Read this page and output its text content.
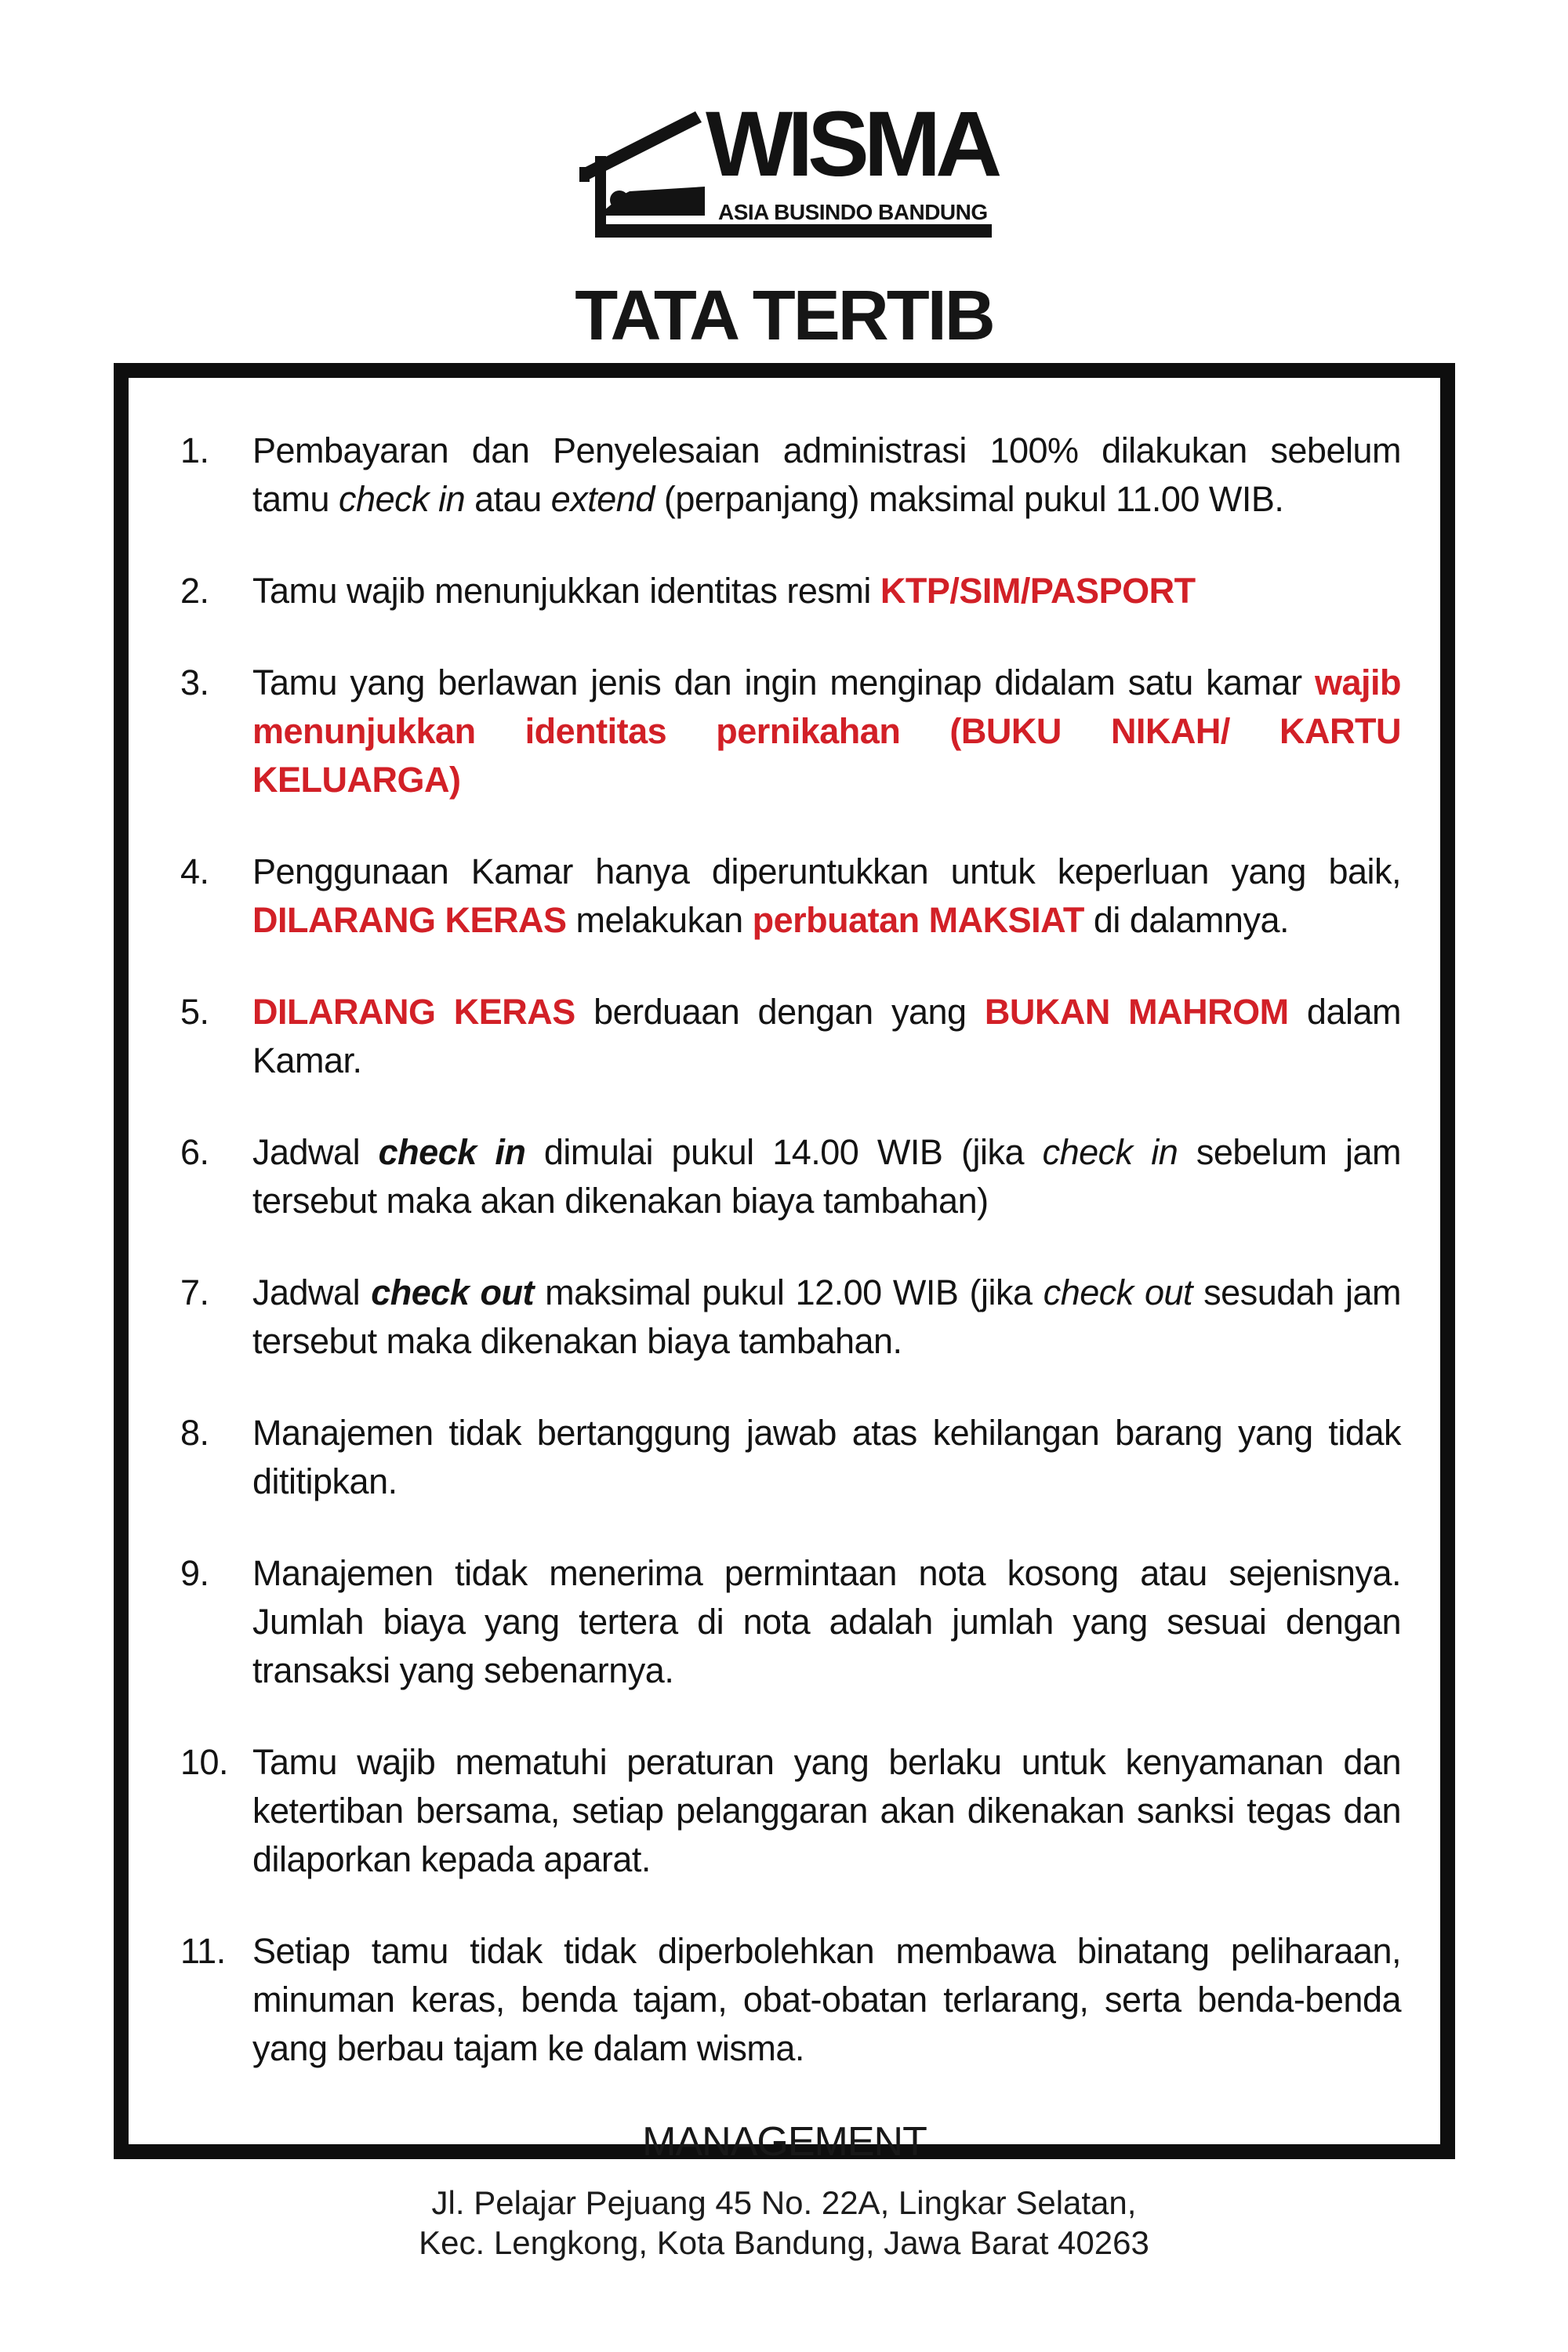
WISMA
ASIA BUSINDO BANDUNG
TATA TERTIB
1.	Pembayaran dan Penyelesaian administrasi 100% dilakukan sebelum tamu check in atau extend (perpanjang) maksimal pukul 11.00 WIB.
2.	Tamu wajib menunjukkan identitas resmi KTP/SIM/PASPORT
3.	Tamu yang berlawan jenis dan ingin menginap didalam satu kamar wajib menunjukkan identitas pernikahan (BUKU NIKAH/ KARTU KELUARGA)
4.	Penggunaan Kamar hanya diperuntukkan untuk keperluan yang baik, DILARANG KERAS melakukan perbuatan MAKSIAT di dalamnya.
5.	DILARANG KERAS berduaan dengan yang BUKAN MAHROM dalam Kamar.
6.	Jadwal check in dimulai pukul 14.00 WIB (jika check in sebelum jam tersebut maka akan dikenakan biaya tambahan)
7.	Jadwal check out maksimal pukul 12.00 WIB (jika check out sesudah jam tersebut maka dikenakan biaya tambahan.
8.	Manajemen tidak bertanggung jawab atas kehilangan barang yang tidak dititipkan.
9.	Manajemen tidak menerima permintaan nota kosong atau sejenisnya. Jumlah biaya yang tertera di nota adalah jumlah yang sesuai dengan transaksi yang sebenarnya.
10. Tamu wajib mematuhi peraturan yang berlaku untuk kenyamanan dan ketertiban bersama, setiap pelanggaran akan dikenakan sanksi tegas dan dilaporkan kepada aparat.
11. Setiap tamu tidak tidak diperbolehkan membawa binatang peliharaan, minuman keras, benda tajam, obat-obatan terlarang, serta benda-benda yang berbau tajam ke dalam wisma.
MANAGEMENT
Jl. Pelajar Pejuang 45 No. 22A, Lingkar Selatan,
Kec. Lengkong, Kota Bandung, Jawa Barat 40263
